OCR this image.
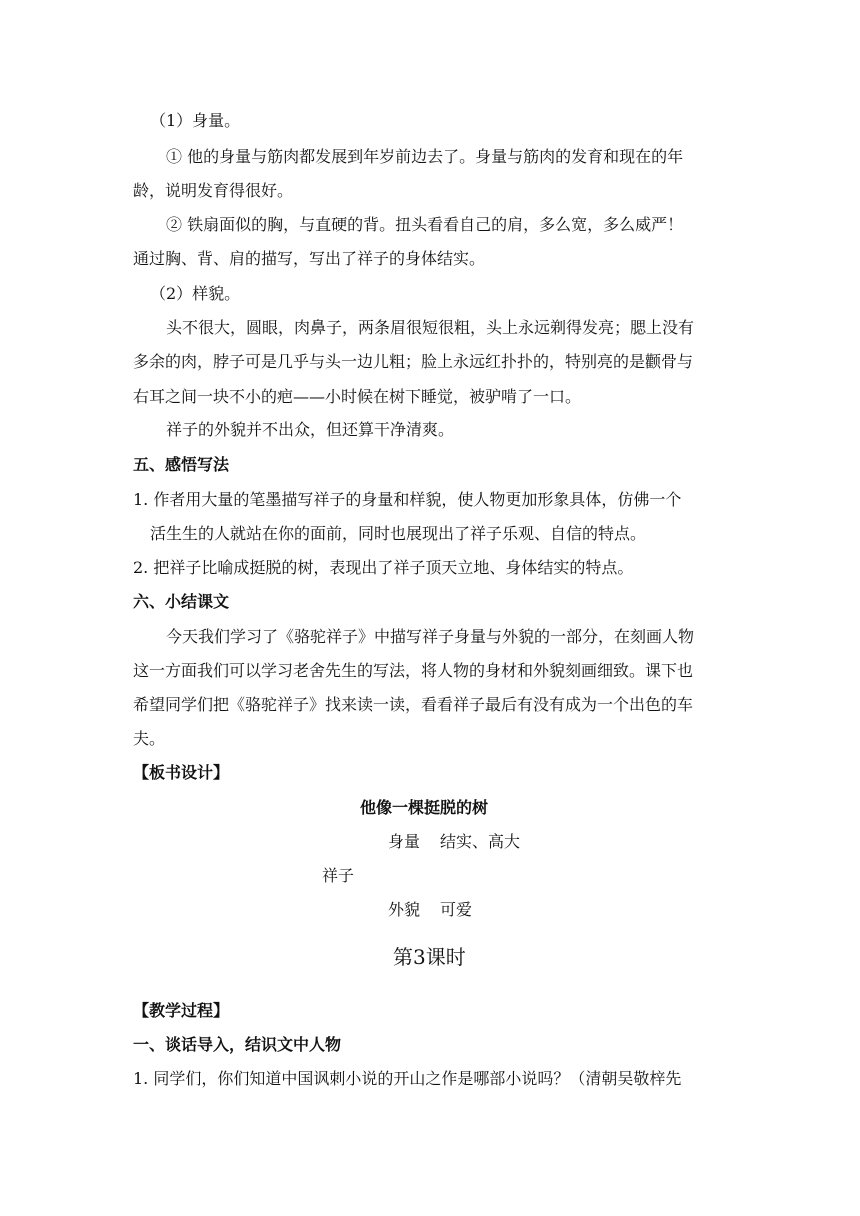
（1）身量。
① 他的身量与筋肉都发展到年岁前边去了。身量与筋肉的发育和现在的年
龄，说明发育得很好。
② 铁扇面似的胸，与直硬的背。扭头看看自己的肩，多么宽，多么威严！
通过胸、背、肩的描写，写出了祥子的身体结实。
（2）样貌。
头不很大，圆眼，肉鼻子，两条眉很短很粗，头上永远剃得发亮；腮上没有
多余的肉，脖子可是几乎与头一边儿粗；脸上永远红扑扑的，特别亮的是颧骨与
右耳之间一块不小的疤——小时候在树下睡觉，被驴啃了一口。
祥子的外貌并不出众，但还算干净清爽。
五、感悟写法
1. 作者用大量的笔墨描写祥子的身量和样貌，使人物更加形象具体，仿佛一个
活生生的人就站在你的面前，同时也展现出了祥子乐观、自信的特点。
2. 把祥子比喻成挺脱的树，表现出了祥子顶天立地、身体结实的特点。
六、小结课文
今天我们学习了《骆驼祥子》中描写祥子身量与外貌的一部分，在刻画人物
这一方面我们可以学习老舍先生的写法，将人物的身材和外貌刻画细致。课下也
希望同学们把《骆驼祥子》找来读一读，看看祥子最后有没有成为一个出色的车
夫。
【板书设计】
他像一棵挺脱的树
身量 结实、高大
祥子
外貌 可爱
第3课时
【教学过程】
一、谈话导入，结识文中人物
1. 同学们，你们知道中国讽刺小说的开山之作是哪部小说吗？（清朝吴敬梓先
